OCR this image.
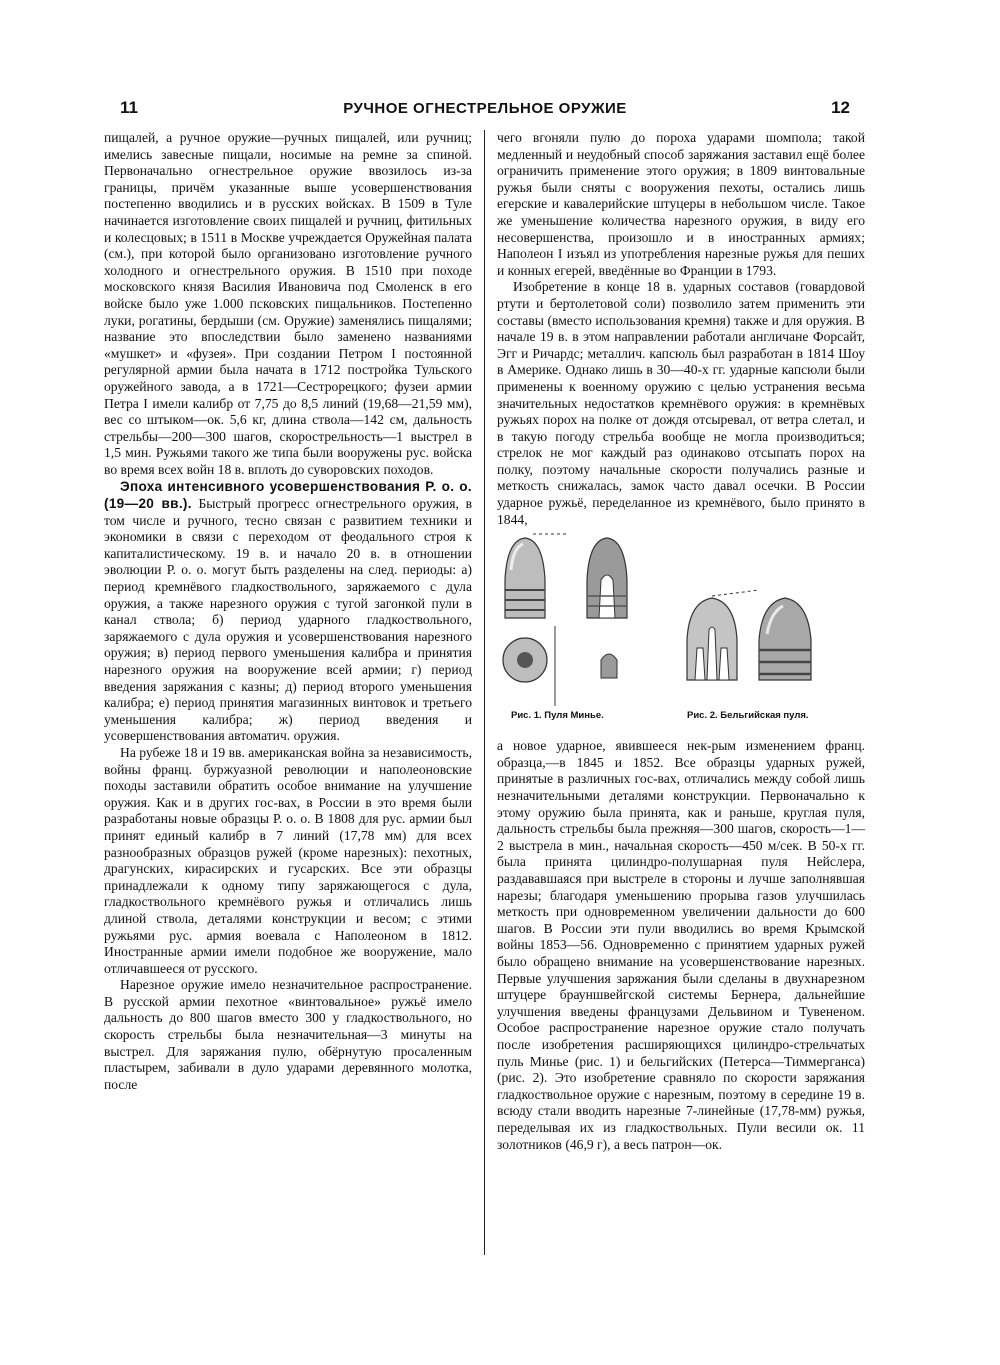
11	РУЧНОЕ ОГНЕСТРЕЛЬНОЕ ОРУЖИЕ	12

пищалей, а ручное оружие—ручных пищалей, или ручниц; имелись завесные пищали, носимые на ремне за спиной. Первоначально огнестрельное оружие ввозилось из-за границы, причём указанные выше усовершенствования постепенно вводились и в русских войсках. В 1509 в Туле начинается изготовление своих пищалей и ручниц, фитильных и колесцовых; в 1511 в Москве учреждается Оружейная палата (см.), при которой было организовано изготовление ручного холодного и огнестрельного оружия. В 1510 при походе московского князя Василия Ивановича под Смоленск в его войске было уже 1.000 псковских пищальников. Постепенно луки, рогатины, бердыши (см. Оружие) заменялись пищалями; название это впоследствии было заменено названиями «мушкет» и «фузея». При создании Петром I постоянной регулярной армии была начата в 1712 постройка Тульского оружейного завода, а в 1721—Сестрорецкого; фузеи армии Петра I имели калибр от 7,75 до 8,5 линий (19,68—21,59 мм), вес со штыком—ок. 5,6 кг, длина ствола—142 см, дальность стрельбы—200—300 шагов, скорострельность—1 выстрел в 1,5 мин. Ружьями такого же типа были вооружены рус. войска во время всех войн 18 в. вплоть до суворовских походов.

Эпоха интенсивного усовершенствования Р. о. о. (19—20 вв.). Быстрый прогресс огнестрельного оружия, в том числе и ручного, тесно связан с развитием техники и экономики в связи с переходом от феодального строя к капиталистическому. 19 в. и начало 20 в. в отношении эволюции Р. о. о. могут быть разделены на след. периоды: а) период кремнёвого гладкоствольного, заряжаемого с дула оружия, а также нарезного оружия с тугой загонкой пули в канал ствола; б) период ударного гладкоствольного, заряжаемого с дула оружия и усовершенствования нарезного оружия; в) период первого уменьшения калибра и принятия нарезного оружия на вооружение всей армии; г) период введения заряжания с казны; д) период второго уменьшения калибра; е) период принятия магазинных винтовок и третьего уменьшения калибра; ж) период введения и усовершенствования автоматич. оружия.

На рубеже 18 и 19 вв. американская война за независимость, войны франц. буржуазной революции и наполеоновские походы заставили обратить особое внимание на улучшение оружия. Как и в других гос-вах, в России в это время были разработаны новые образцы Р. о. о. В 1808 для рус. армии был принят единый калибр в 7 линий (17,78 мм) для всех разнообразных образцов ружей (кроме нарезных): пехотных, драгунских, кирасирских и гусарских. Все эти образцы принадлежали к одному типу заряжающегося с дула, гладкоствольного кремнёвого ружья и отличались лишь длиной ствола, деталями конструкции и весом; с этими ружьями рус. армия воевала с Наполеоном в 1812. Иностранные армии имели подобное же вооружение, мало отличавшееся от русского.

Нарезное оружие имело незначительное распространение. В русской армии пехотное «винтовальное» ружьё имело дальность до 800 шагов вместо 300 у гладкоствольного, но скорость стрельбы была незначительная—3 минуты на выстрел. Для заряжания пулю, обёрнутую просаленным пластырем, забивали в дуло ударами деревянного молотка, после

чего вгоняли пулю до пороха ударами шомпола; такой медленный и неудобный способ заряжания заставил ещё более ограничить применение этого оружия; в 1809 винтовальные ружья были сняты с вооружения пехоты, остались лишь егерские и кавалерийские штуцеры в небольшом числе. Такое же уменьшение количества нарезного оружия, в виду его несовершенства, произошло и в иностранных армиях; Наполеон I изъял из употребления нарезные ружья для пеших и конных егерей, введённые во Франции в 1793.

Изобретение в конце 18 в. ударных составов (говардовой ртути и бертолетовой соли) позволило затем применить эти составы (вместо использования кремня) также и для оружия. В начале 19 в. в этом направлении работали англичане Форсайт, Эгг и Ричардс; металлич. капсюль был разработан в 1814 Шоу в Америке. Однако лишь в 30—40-х гг. ударные капсюли были применены к военному оружию с целью устранения весьма значительных недостатков кремнёвого оружия: в кремнёвых ружьях порох на полке от дождя отсыревал, от ветра слетал, и в такую погоду стрельба вообще не могла производиться; стрелок не мог каждый раз одинаково отсыпать порох на полку, поэтому начальные скорости получались разные и меткость снижалась, замок часто давал осечки. В России ударное ружьё, переделанное из кремнёвого, было принято в 1844,

Рис. 1. Пуля Минье.	Рис. 2. Бельгийская пуля.

а новое ударное, явившееся нек-рым изменением франц. образца,—в 1845 и 1852. Все образцы ударных ружей, принятые в различных гос-вах, отличались между собой лишь незначительными деталями конструкции. Первоначально к этому оружию была принята, как и раньше, круглая пуля, дальность стрельбы была прежняя—300 шагов, скорость—1—2 выстрела в мин., начальная скорость—450 м/сек. В 50-х гг. была принята цилиндро-полушарная пуля Нейслера, раздававшаяся при выстреле в стороны и лучше заполнявшая нарезы; благодаря уменьшению прорыва газов улучшилась меткость при одновременном увеличении дальности до 600 шагов. В России эти пули вводились во время Крымской войны 1853—56. Одновременно с принятием ударных ружей было обращено внимание на усовершенствование нарезных. Первые улучшения заряжания были сделаны в двухнарезном штуцере брауншвейгской системы Бернера, дальнейшие улучшения введены французами Дельвином и Тувененом. Особое распространение нарезное оружие стало получать после изобретения расширяющихся цилиндро-стрельчатых пуль Минье (рис. 1) и бельгийских (Петерса—Тиммерганса) (рис. 2). Это изобретение сравняло по скорости заряжания гладкоствольное оружие с нарезным, поэтому в середине 19 в. всюду стали вводить нарезные 7-линейные (17,78-мм) ружья, переделывая их из гладкоствольных. Пули весили ок. 11 золотников (46,9 г), а весь патрон—ок.
